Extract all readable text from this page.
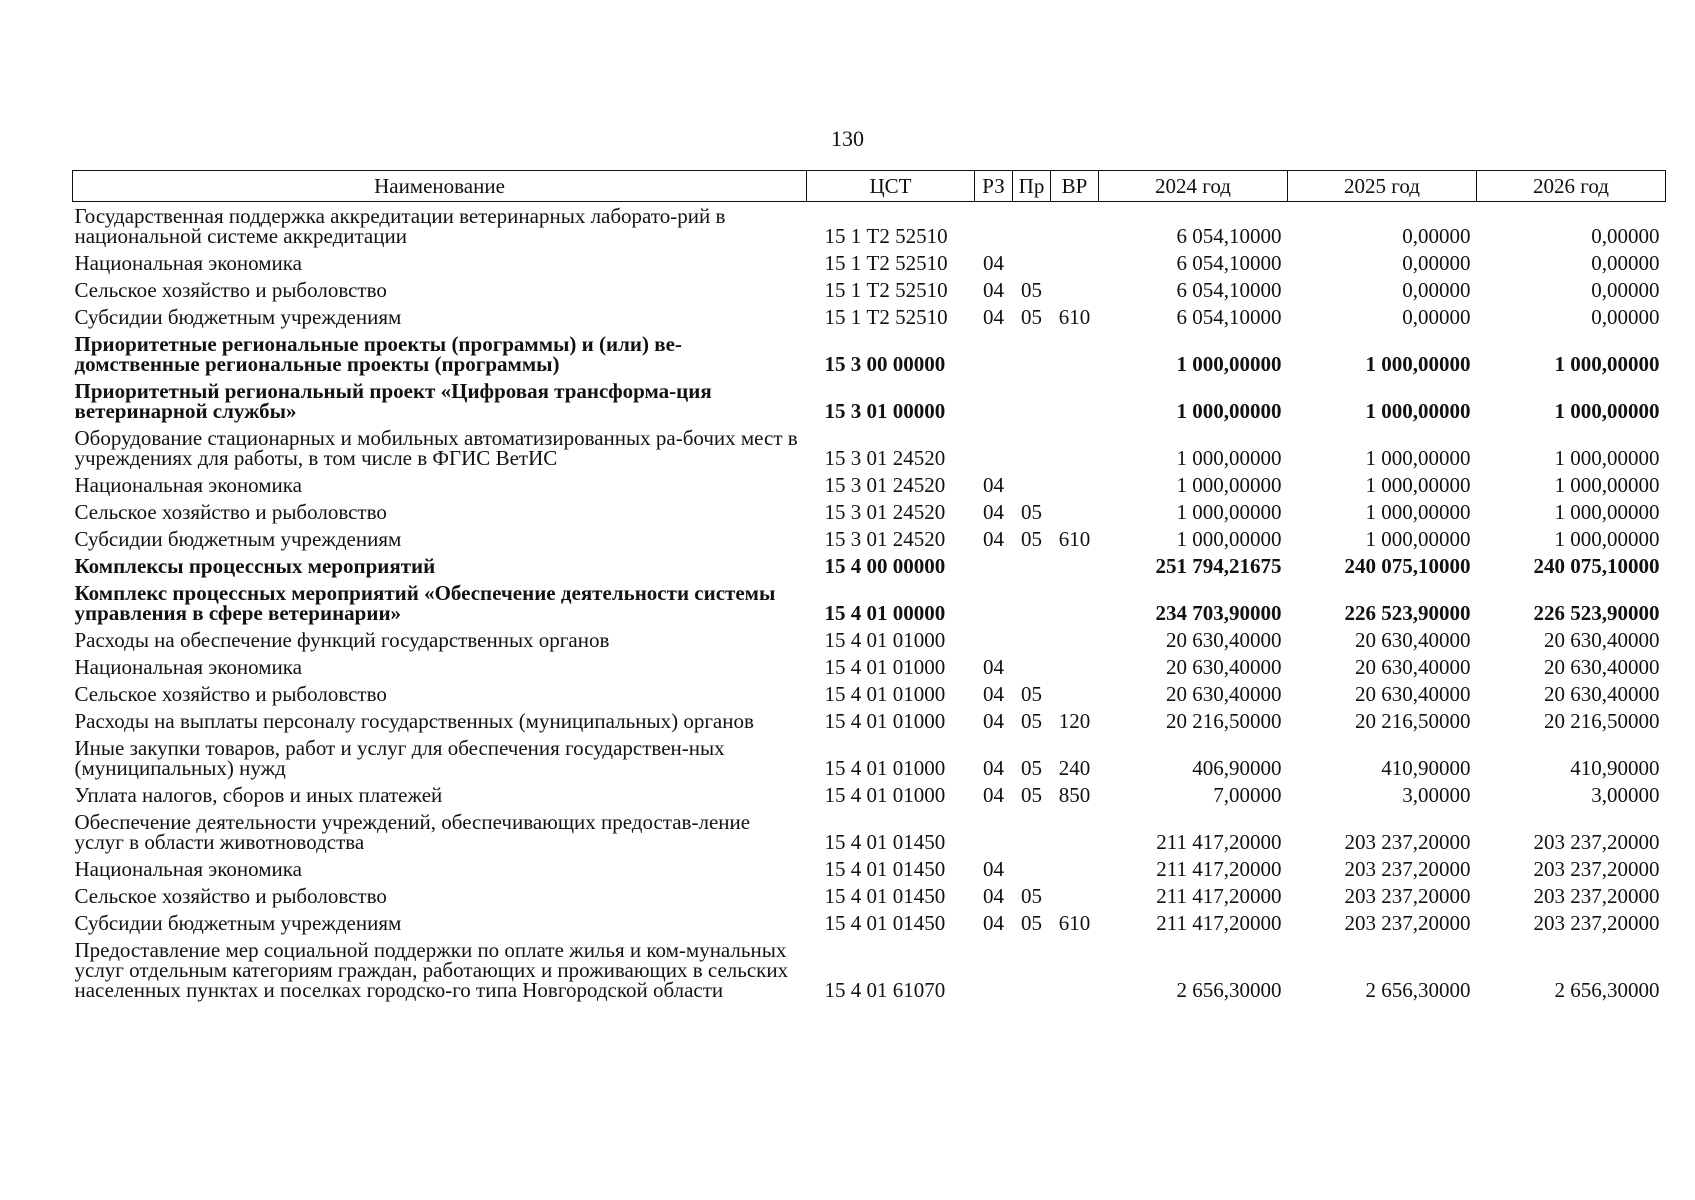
130
Наименование	ЦСТ	РЗ	Пр	ВР	2024 год	2025 год	2026 год
Государственная поддержка аккредитации ветеринарных лаборато-рий в национальной системе аккредитации	15 1 Т2 52510				6 054,10000	0,00000	0,00000
Национальная экономика	15 1 Т2 52510	04			6 054,10000	0,00000	0,00000
Сельское хозяйство и рыболовство	15 1 Т2 52510	04	05		6 054,10000	0,00000	0,00000
Субсидии бюджетным учреждениям	15 1 Т2 52510	04	05	610	6 054,10000	0,00000	0,00000
Приоритетные региональные проекты (программы) и (или) ве-домственные региональные проекты (программы)	15 3 00 00000				1 000,00000	1 000,00000	1 000,00000
Приоритетный региональный проект «Цифровая трансформа-ция ветеринарной службы»	15 3 01 00000				1 000,00000	1 000,00000	1 000,00000
Оборудование стационарных и мобильных автоматизированных ра-бочих мест в учреждениях для работы, в том числе в ФГИС ВетИС	15 3 01 24520				1 000,00000	1 000,00000	1 000,00000
Национальная экономика	15 3 01 24520	04			1 000,00000	1 000,00000	1 000,00000
Сельское хозяйство и рыболовство	15 3 01 24520	04	05		1 000,00000	1 000,00000	1 000,00000
Субсидии бюджетным учреждениям	15 3 01 24520	04	05	610	1 000,00000	1 000,00000	1 000,00000
Комплексы процессных мероприятий	15 4 00 00000				251 794,21675	240 075,10000	240 075,10000
Комплекс процессных мероприятий «Обеспечение деятельности системы управления в сфере ветеринарии»	15 4 01 00000				234 703,90000	226 523,90000	226 523,90000
Расходы на обеспечение функций государственных органов	15 4 01 01000				20 630,40000	20 630,40000	20 630,40000
Национальная экономика	15 4 01 01000	04			20 630,40000	20 630,40000	20 630,40000
Сельское хозяйство и рыболовство	15 4 01 01000	04	05		20 630,40000	20 630,40000	20 630,40000
Расходы на выплаты персоналу государственных (муниципальных) органов	15 4 01 01000	04	05	120	20 216,50000	20 216,50000	20 216,50000
Иные закупки товаров, работ и услуг для обеспечения государствен-ных (муниципальных) нужд	15 4 01 01000	04	05	240	406,90000	410,90000	410,90000
Уплата налогов, сборов и иных платежей	15 4 01 01000	04	05	850	7,00000	3,00000	3,00000
Обеспечение деятельности учреждений, обеспечивающих предостав-ление услуг в области животноводства	15 4 01 01450				211 417,20000	203 237,20000	203 237,20000
Национальная экономика	15 4 01 01450	04			211 417,20000	203 237,20000	203 237,20000
Сельское хозяйство и рыболовство	15 4 01 01450	04	05		211 417,20000	203 237,20000	203 237,20000
Субсидии бюджетным учреждениям	15 4 01 01450	04	05	610	211 417,20000	203 237,20000	203 237,20000
Предоставление мер социальной поддержки по оплате жилья и ком-мунальных услуг отдельным категориям граждан, работающих и проживающих в сельских населенных пунктах и поселках городско-го типа Новгородской области	15 4 01 61070				2 656,30000	2 656,30000	2 656,30000
